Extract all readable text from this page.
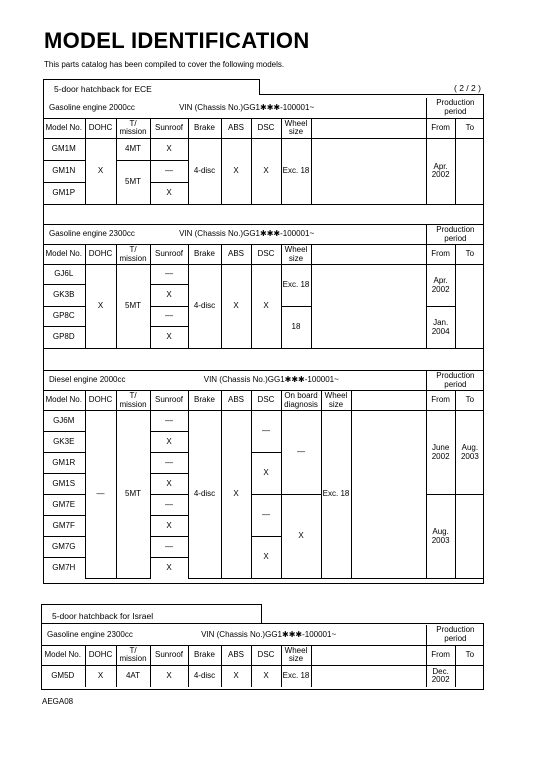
MODEL IDENTIFICATION
This parts catalog has been compiled to cover the following models.
5-door hatchback for ECE	( 2 / 2 )
Gasoline engine 2000cc VIN (Chassis No.)GG1✱✱✱-100001~									Production period	
Model No.	DOHC	T/ mission	Sunroof	Brake	ABS	DSC	Wheel size		From	To
GM1M	X	4MT	X	4-disc	X	X	Exc. 18		Apr. 2002	
GM1N		5MT	—							
GM1P			X							
Gasoline engine 2300cc VIN (Chassis No.)GG1✱✱✱-100001~									Production period	
Model No.	DOHC	T/ mission	Sunroof	Brake	ABS	DSC	Wheel size		From	To
GJ6L	X	5MT	—	4-disc	X	X	Exc. 18		Apr. 2002	
GK3B			X							
GP8C			—				18		Jan. 2004	
GP8D			X							
Diesel engine 2000cc VIN (Chassis No.)GG1✱✱✱-100001~										Production period	
Model No.	DOHC	T/ mission	Sunroof	Brake	ABS	DSC	On board diagnosis	Wheel size		From	To
GJ6M	—	5MT	—	4-disc	X	—	—	Exc. 18		June 2002	Aug. 2003
GK3E			X								
GM1R			—			X					
GM1S			X								
GM7E			—			—	X			Aug. 2003	
GM7F			X								
GM7G			—			X					
GM7H			X								
5-door hatchback for Israel
Gasoline engine 2300cc VIN (Chassis No.)GG1✱✱✱-100001~									Production period	
Model No.	DOHC	T/ mission	Sunroof	Brake	ABS	DSC	Wheel size		From	To
GM5D	X	4AT	X	4-disc	X	X	Exc. 18		Dec. 2002	
AEGA08
